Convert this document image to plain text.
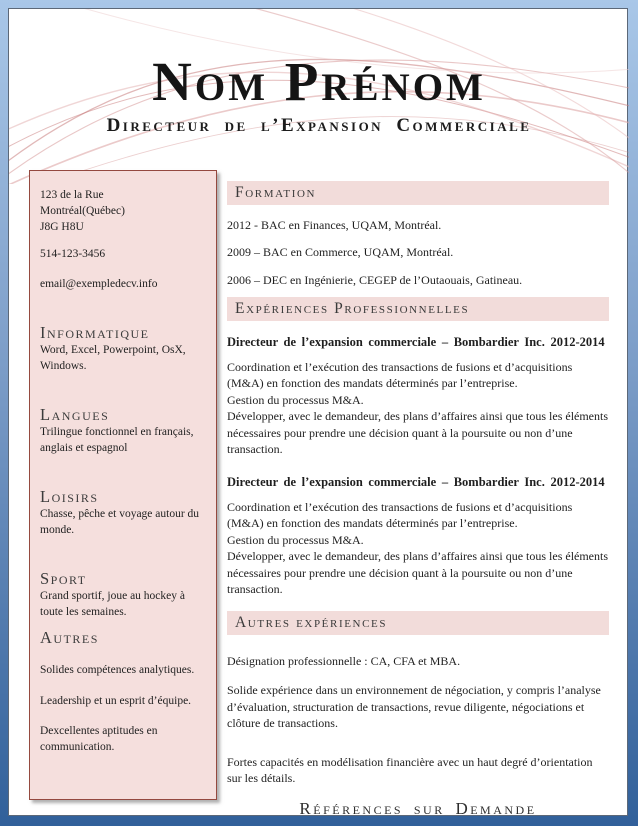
Nom Prénom
Directeur de l’Expansion Commerciale

123 de la Rue

Montréal(Québec)

J8G H8U

514-123-3456

email@exempledecv.info

Informatique

Word, Excel, Powerpoint, OsX, Windows.

Langues

Trilingue fonctionnel en français, anglais et espagnol

Loisirs

Chasse, pêche et voyage autour du monde.

Sport

Grand sportif, joue au hockey à toute les semaines.

Autres

Solides compétences analytiques.

Leadership et un esprit d’équipe.

Dexcellentes aptitudes en communication.

Formation

2012 - BAC en Finances, UQAM, Montréal.

2009 – BAC en Commerce, UQAM, Montréal.

2006 – DEC en Ingénierie, CEGEP de l’Outaouais, Gatineau.

Expériences Professionnelles

Directeur de l’expansion commerciale – Bombardier Inc. 2012-2014

Coordination et l’exécution des transactions de fusions et d’acquisitions (M&A) en fonction des mandats déterminés par l’entreprise.

Gestion du processus M&A.

Développer, avec le demandeur, des plans d’affaires ainsi que tous les éléments nécessaires pour prendre une décision quant à la poursuite ou non d’une transaction.

Directeur de l’expansion commerciale – Bombardier Inc. 2012-2014

Coordination et l’exécution des transactions de fusions et d’acquisitions (M&A) en fonction des mandats déterminés par l’entreprise.

Gestion du processus M&A.

Développer, avec le demandeur, des plans d’affaires ainsi que tous les éléments nécessaires pour prendre une décision quant à la poursuite ou non d’une transaction.

Autres expériences

Désignation professionnelle : CA, CFA et MBA.

Solide expérience dans un environnement de négociation, y compris l’analyse d’évaluation, structuration de transactions, revue diligente, négociations et clôture de transactions.

Fortes capacités en modélisation financière avec un haut degré d’orientation sur les détails.

Références sur Demande
